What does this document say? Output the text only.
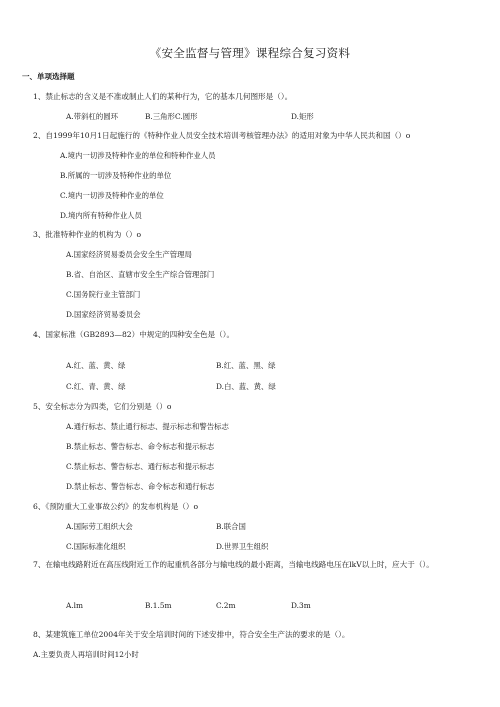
《安全监督与管理》课程综合复习资料
一、单项选择题
1、禁止标志的含义是不准或制止人们的某种行为，它的基本几何图形是（）。
A.带斜杠的圆环	B.三角形C.圆形	D.矩形
2、自1999年10月1日起施行的《特种作业人员安全技术培训考核管理办法》的适用对象为中华人民共和国（）o
A.境内一切涉及特种作业的单位和特种作业人员
B.所属的一切涉及特种作业的单位
C.境内一切涉及特种作业的单位
D.境内所有特种作业人员
3、批准特种作业的机构为（）o
A.国家经济贸易委员会安全生产管理局
B.省、自治区、直辖市安全生产综合管理部门
C.国务院行业主管部门
D.国家经济贸易委员会
4、国家标准（GB2893—82）中规定的四种安全色是（）。
A.红、蓝、黄、绿	B.红、蓝、黑、绿
C.红、青、黄、绿	D.白、蓝、黄、绿
5、安全标志分为四类，它们分别是（）o
A.通行标志、禁止通行标志、提示标志和警告标志
B.禁止标志、警告标志、命令标志和提示标志
C.禁止标志、警告标志、通行标志和提示标志
D.禁止标志、警告标志、命令标志和通行标志
6、《预防重大工业事故公约》的发布机构是（）o
A.国际劳工组织大会	B.联合国
C.国际标准化组织	D.世界卫生组织
7、在输电线路附近在高压线附近工作的起重机各部分与输电线的最小距离，当输电线路电压在lkV以上时，应大于（）。
A.lm	B.1.5m	C.2m	D.3m
8、某建筑施工单位2004年关于安全培训时间的下述安排中，符合安全生产法的要求的是（）。
A.主要负责人再培训时间12小时
